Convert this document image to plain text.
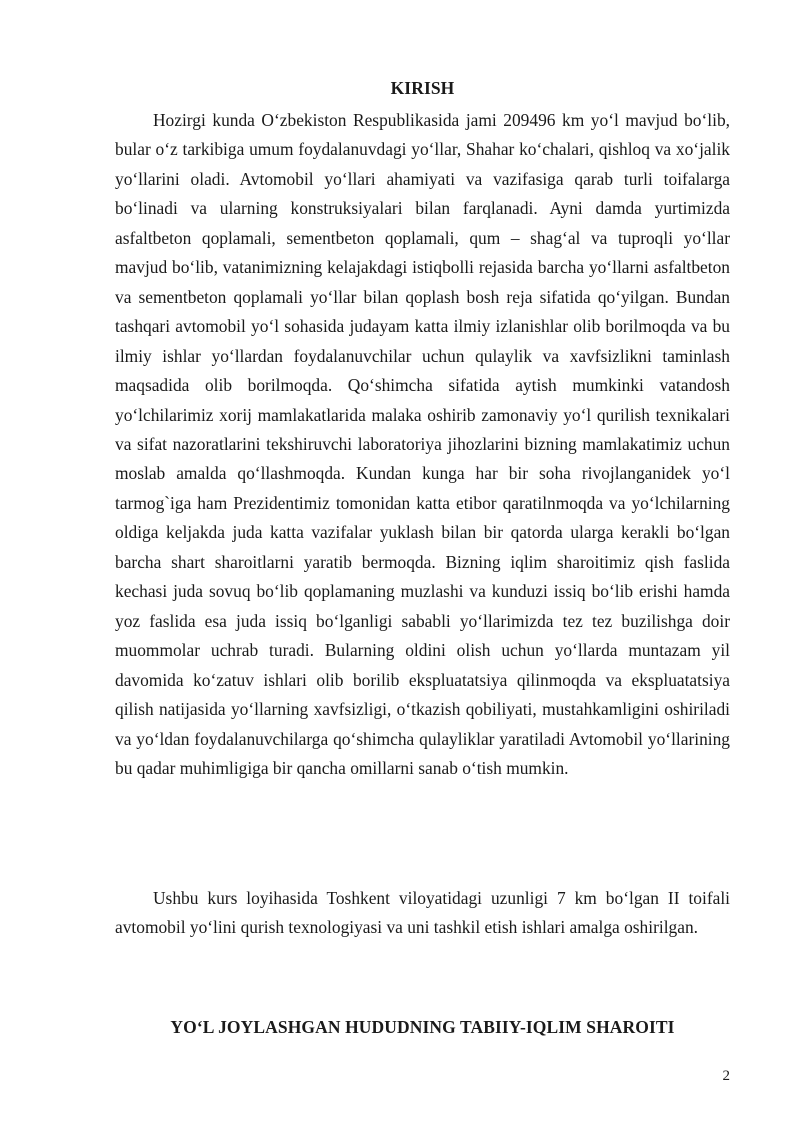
KIRISH

Hozirgi kunda O‘zbekiston Respublikasida jami 209496 km yo‘l mavjud bo‘lib, bular o‘z tarkibiga umum foydalanuvdagi yo‘llar, Shahar ko‘chalari, qishloq va xo‘jalik yo‘llarini oladi. Avtomobil yo‘llari ahamiyati va vazifasiga qarab turli toifalarga bo‘linadi va ularning konstruksiyalari bilan farqlanadi. Ayni damda yurtimizda asfaltbeton qoplamali, sementbeton qoplamali, qum – shag‘al va tuproqli yo‘llar mavjud bo‘lib, vatanimizning kelajakdagi istiqbolli rejasida barcha yo‘llarni asfaltbeton va sementbeton qoplamali yo‘llar bilan qoplash bosh reja sifatida qo‘yilgan. Bundan tashqari avtomobil yo‘l sohasida judayam katta ilmiy izlanishlar olib borilmoqda va bu ilmiy ishlar yo‘llardan foydalanuvchilar uchun qulaylik va xavfsizlikni taminlash maqsadida olib borilmoqda. Qo‘shimcha sifatida aytish mumkinki vatandosh yo‘lchilarimiz xorij mamlakatlarida malaka oshirib zamonaviy yo‘l qurilish texnikalari va sifat nazoratlarini tekshiruvchi laboratoriya jihozlarini bizning mamlakatimiz uchun moslab amalda qo‘llashmoqda. Kundan kunga har bir soha rivojlanganidek yo‘l tarmog`iga ham Prezidentimiz tomonidan katta etibor qaratilnmoqda va yo‘lchilarning oldiga keljakda juda katta vazifalar yuklash bilan bir qatorda ularga kerakli bo‘lgan barcha shart sharoitlarni yaratib bermoqda. Bizning iqlim sharoitimiz qish faslida kechasi juda sovuq bo‘lib qoplamaning muzlashi va kunduzi issiq bo‘lib erishi hamda yoz faslida esa juda issiq bo‘lganligi sababli yo‘llarimizda tez tez buzilishga doir muommolar uchrab turadi. Bularning oldini olish uchun yo‘llarda muntazam yil davomida ko‘zatuv ishlari olib borilib ekspluatatsiya qilinmoqda va ekspluatatsiya qilish natijasida yo‘llarning xavfsizligi, o‘tkazish qobiliyati, mustahkamligini oshiriladi va yo‘ldan foydalanuvchilarga qo‘shimcha qulayliklar yaratiladi Avtomobil yo‘llarining bu qadar muhimligiga bir qancha omillarni sanab o‘tish mumkin.

Ushbu kurs loyihasida Toshkent viloyatidagi uzunligi 7 km bo‘lgan II toifali avtomobil yo‘lini qurish texnologiyasi va uni tashkil etish ishlari amalga oshirilgan.

YO‘L JOYLASHGAN HUDUDNING TABIIY-IQLIM SHAROITI
2
